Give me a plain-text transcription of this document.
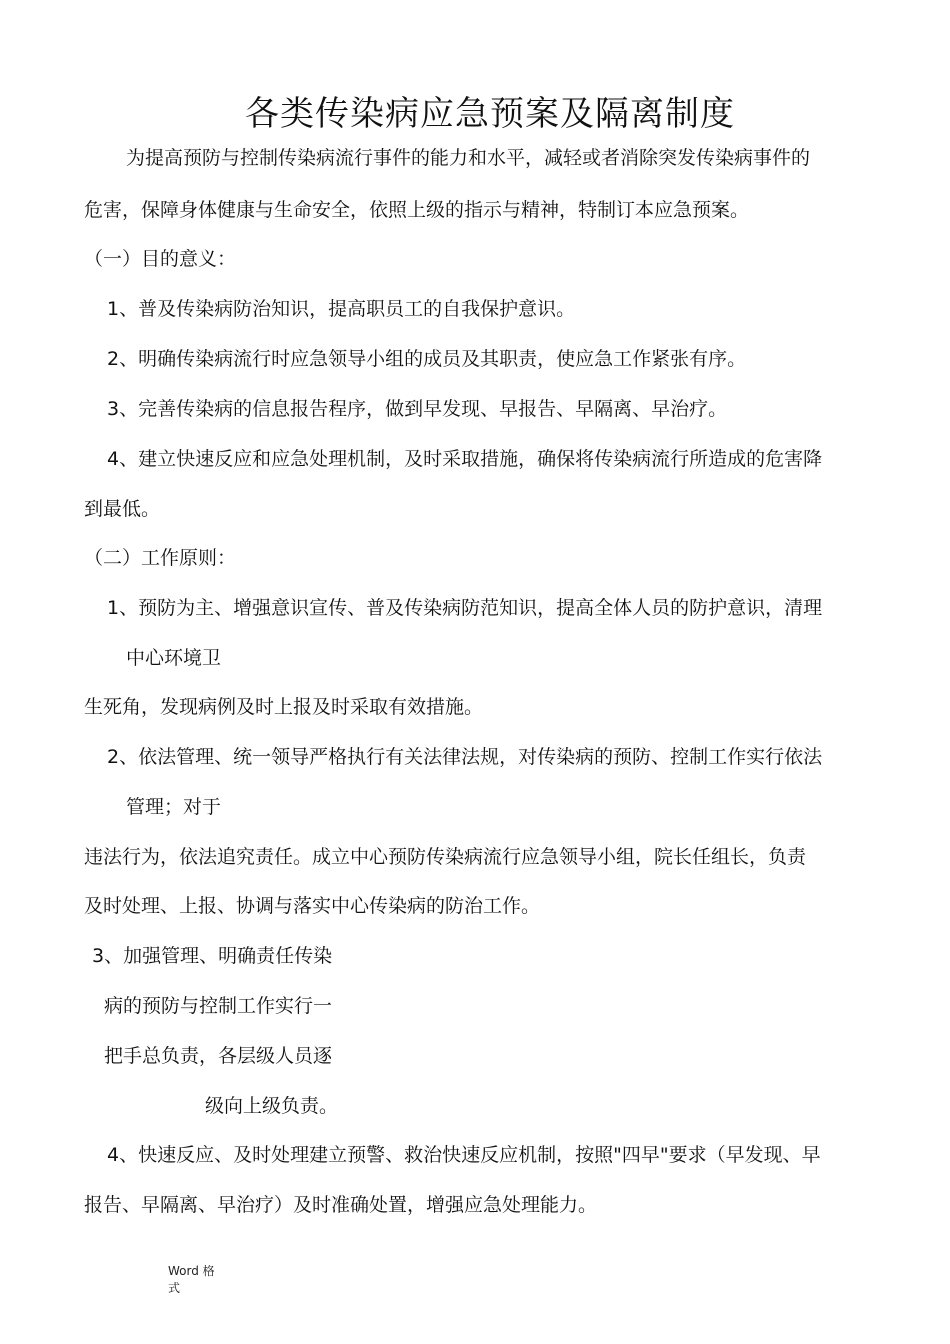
各类传染病应急预案及隔离制度
为提高预防与控制传染病流行事件的能力和水平，减轻或者消除突发传染病事件的
危害，保障身体健康与生命安全，依照上级的指示与精神，特制订本应急预案。
（一）目的意义：
1、普及传染病防治知识，提高职员工的自我保护意识。
2、明确传染病流行时应急领导小组的成员及其职责，使应急工作紧张有序。
3、完善传染病的信息报告程序，做到早发现、早报告、早隔离、早治疗。
4、建立快速反应和应急处理机制，及时采取措施，确保将传染病流行所造成的危害降
到最低。
（二）工作原则：
1、预防为主、增强意识宣传、普及传染病防范知识，提高全体人员的防护意识，清理
中心环境卫
生死角，发现病例及时上报及时采取有效措施。
2、依法管理、统一领导严格执行有关法律法规，对传染病的预防、控制工作实行依法
管理；对于
违法行为，依法追究责任。成立中心预防传染病流行应急领导小组，院长任组长，负责
及时处理、上报、协调与落实中心传染病的防治工作。
3、加强管理、明确责任传染
病的预防与控制工作实行一
把手总负责，各层级人员逐
级向上级负责。
4、快速反应、及时处理建立预警、救治快速反应机制，按照"四早"要求（早发现、早
报告、早隔离、早治疗）及时准确处置，增强应急处理能力。
Word 格
式
